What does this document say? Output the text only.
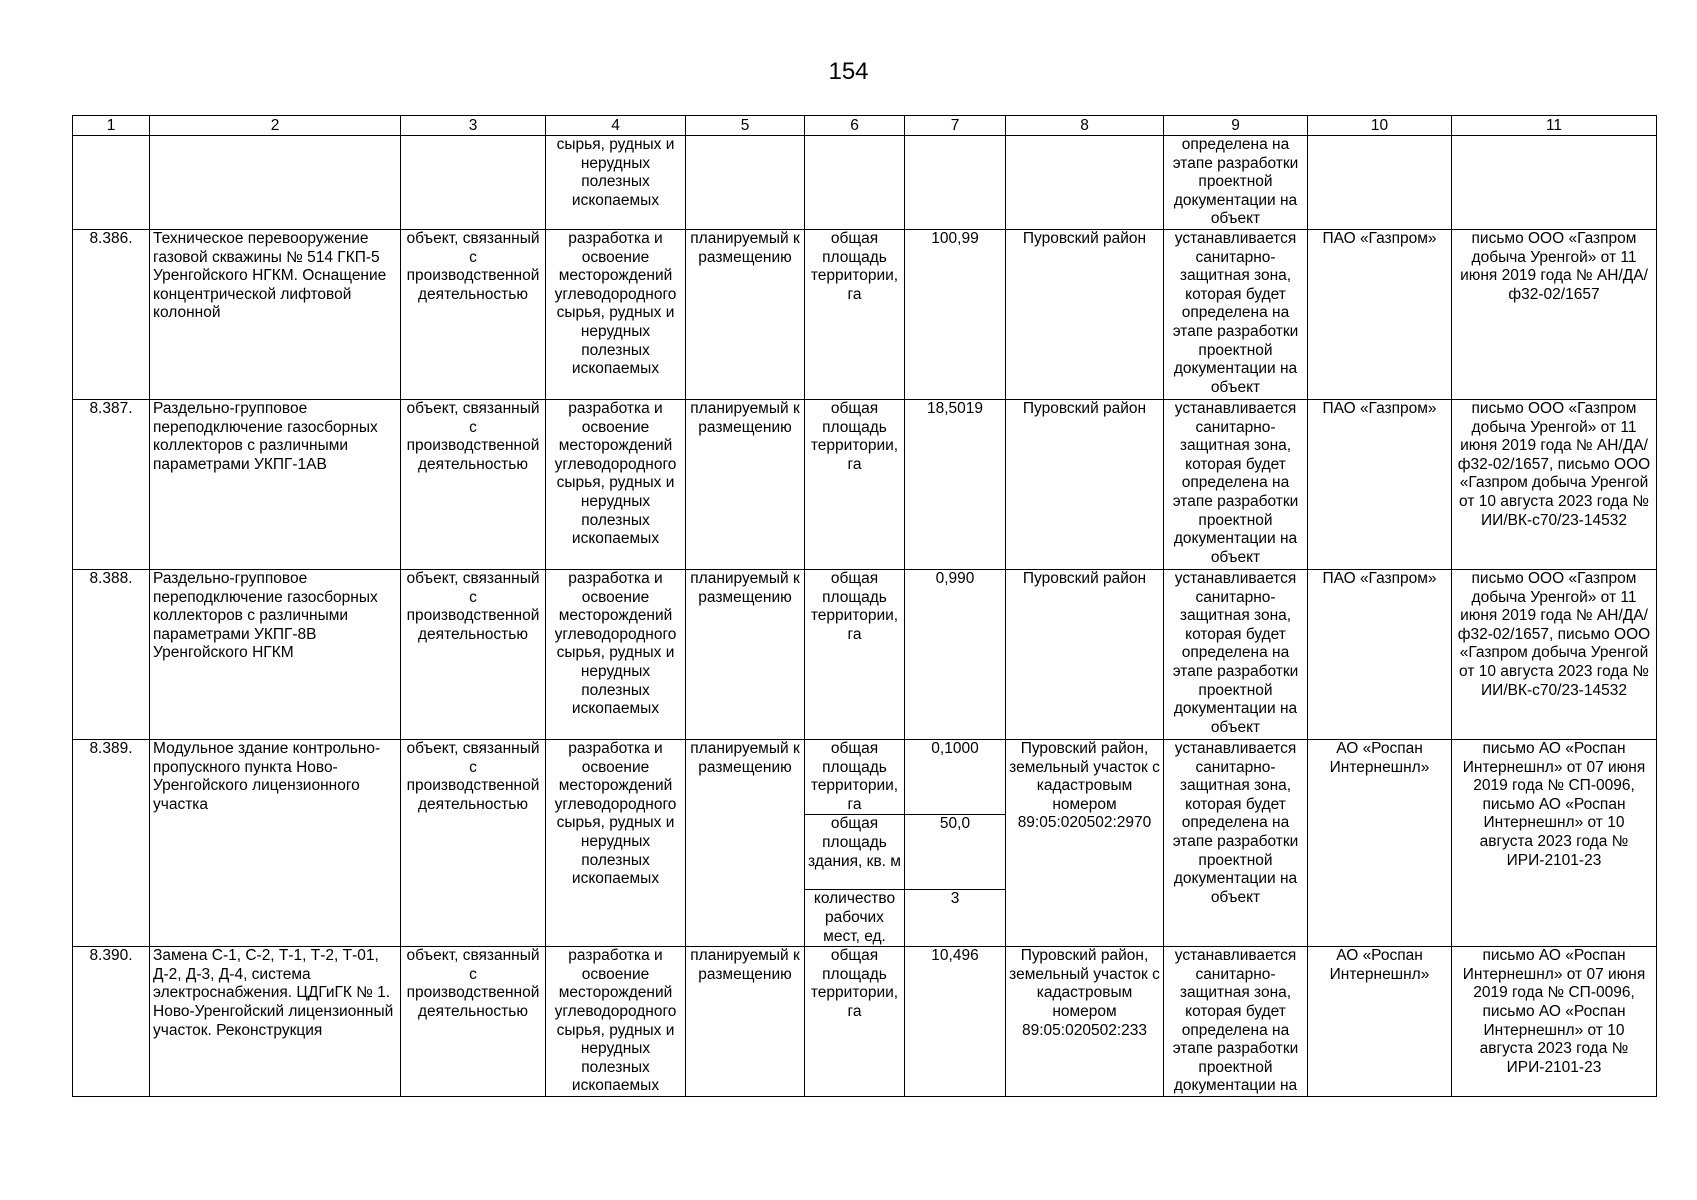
154
1	2	3	4	5	6	7	8	9	10	11
			сырья, рудных и нерудных полезных ископаемых					определена на этапе разработки проектной документации на объект		
8.386.	Техническое перевооружение газовой скважины № 514 ГКП-5 Уренгойского НГКМ. Оснащение концентрической лифтовой колонной	объект, связанный с производственной деятельностью	разработка и освоение месторождений углеводородного сырья, рудных и нерудных полезных ископаемых	планируемый к размещению	общая площадь территории, га	100,99	Пуровский район	устанавливается санитарно-защитная зона, которая будет определена на этапе разработки проектной документации на объект	ПАО «Газпром»	письмо ООО «Газпром добыча Уренгой» от 11 июня 2019 года № АН/ДА/ф32-02/1657
8.387.	Раздельно-групповое переподключение газосборных коллекторов с различными параметрами УКПГ-1АВ	объект, связанный с производственной деятельностью	разработка и освоение месторождений углеводородного сырья, рудных и нерудных полезных ископаемых	планируемый к размещению	общая площадь территории, га	18,5019	Пуровский район	устанавливается санитарно-защитная зона, которая будет определена на этапе разработки проектной документации на объект	ПАО «Газпром»	письмо ООО «Газпром добыча Уренгой» от 11 июня 2019 года № АН/ДА/ф32-02/1657, письмо ООО «Газпром добыча Уренгой от 10 августа 2023 года № ИИ/ВК-с70/23-14532
8.388.	Раздельно-групповое переподключение газосборных коллекторов с различными параметрами УКПГ-8В Уренгойского НГКМ	объект, связанный с производственной деятельностью	разработка и освоение месторождений углеводородного сырья, рудных и нерудных полезных ископаемых	планируемый к размещению	общая площадь территории, га	0,990	Пуровский район	устанавливается санитарно-защитная зона, которая будет определена на этапе разработки проектной документации на объект	ПАО «Газпром»	письмо ООО «Газпром добыча Уренгой» от 11 июня 2019 года № АН/ДА/ф32-02/1657, письмо ООО «Газпром добыча Уренгой от 10 августа 2023 года № ИИ/ВК-с70/23-14532
8.389.	Модульное здание контрольно-пропускного пункта Ново-Уренгойского лицензионного участка	объект, связанный с производственной деятельностью	разработка и освоение месторождений углеводородного сырья, рудных и нерудных полезных ископаемых	планируемый к размещению	общая площадь территории, га	0,1000	Пуровский район, земельный участок с кадастровым номером 89:05:020502:2970	устанавливается санитарно-защитная зона, которая будет определена на этапе разработки проектной документации на объект	АО «Роспан Интернешнл»	письмо АО «Роспан Интернешнл» от 07 июня 2019 года № СП-0096, письмо АО «Роспан Интернешнл» от 10 августа 2023 года № ИРИ-2101-23
					общая площадь здания, кв. м	50,0				
					количество рабочих мест, ед.	3				
8.390.	Замена С-1, С-2, Т-1, Т-2, Т-01, Д-2, Д-3, Д-4, система электроснабжения. ЦДГиГК № 1. Ново-Уренгойский лицензионный участок. Реконструкция	объект, связанный с производственной деятельностью	разработка и освоение месторождений углеводородного сырья, рудных и нерудных полезных ископаемых	планируемый к размещению	общая площадь территории, га	10,496	Пуровский район, земельный участок с кадастровым номером 89:05:020502:233	устанавливается санитарно-защитная зона, которая будет определена на этапе разработки проектной документации на	АО «Роспан Интернешнл»	письмо АО «Роспан Интернешнл» от 07 июня 2019 года № СП-0096, письмо АО «Роспан Интернешнл» от 10 августа 2023 года № ИРИ-2101-23
